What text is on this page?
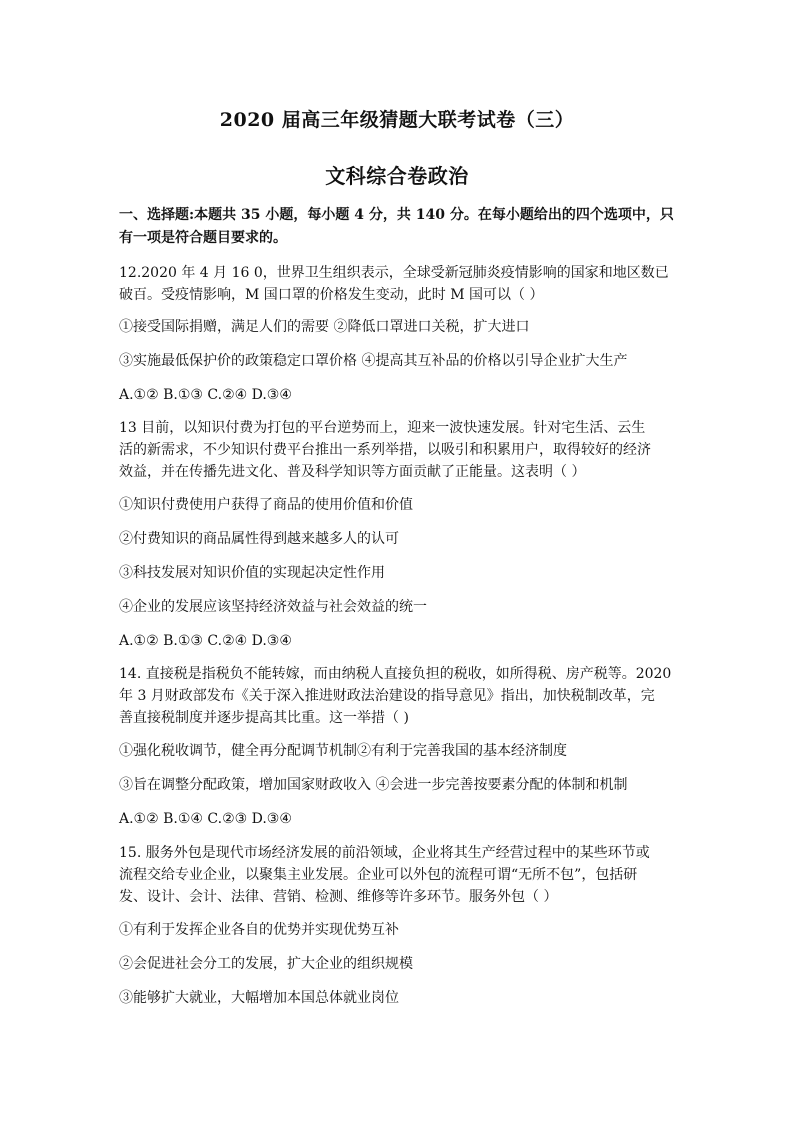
2020 届高三年级猜题大联考试卷（三）
文科综合卷政治
一、选择题:本题共 35 小题，每小题 4 分，共 140 分。在每小题给出的四个选项中，只
有一项是符合题目要求的。
12.2020 年 4 月 16 0，世界卫生组织表示，全球受新冠肺炎疫情影响的国家和地区数已
破百。受疫情影响，M 国口罩的价格发生变动，此时 M 国可以（ ）
①接受国际捐赠，满足人们的需要 ②降低口罩进口关税，扩大进口
③实施最低保护价的政策稳定口罩价格 ④提高其互补品的价格以引导企业扩大生产
A.①② B.①③ C.②④ D.③④
13 目前，以知识付费为打包的平台逆势而上，迎来一波快速发展。针对宅生活、云生
活的新需求，不少知识付费平台推出一系列举措，以吸引和积累用户，取得较好的经济
效益，并在传播先进文化、普及科学知识等方面贡献了正能量。这表明（ ）
①知识付费使用户获得了商品的使用价值和价值
②付费知识的商品属性得到越来越多人的认可
③科技发展对知识价值的实现起决定性作用
④企业的发展应该坚持经济效益与社会效益的统一
A.①② B.①③ C.②④ D.③④
14. 直接税是指税负不能转嫁，而由纳税人直接负担的税收，如所得税、房产税等。2020
年 3 月财政部发布《关于深入推进财政法治建设的指导意见》指出，加快税制改革，完
善直接税制度并逐步提高其比重。这一举措（ )
①强化税收调节，健全再分配调节机制②有利于完善我国的基本经济制度
③旨在调整分配政策，增加国家财政收入 ④会进一步完善按要素分配的体制和机制
A.①② B.①④ C.②③ D.③④
15. 服务外包是现代市场经济发展的前沿领域，企业将其生产经营过程中的某些环节或
流程交给专业企业，以聚集主业发展。企业可以外包的流程可谓“无所不包”，包括研
发、设计、会计、法律、营销、检测、维修等许多环节。服务外包（ ）
①有利于发挥企业各自的优势并实现优势互补
②会促进社会分工的发展，扩大企业的组织规模
③能够扩大就业，大幅增加本国总体就业岗位
